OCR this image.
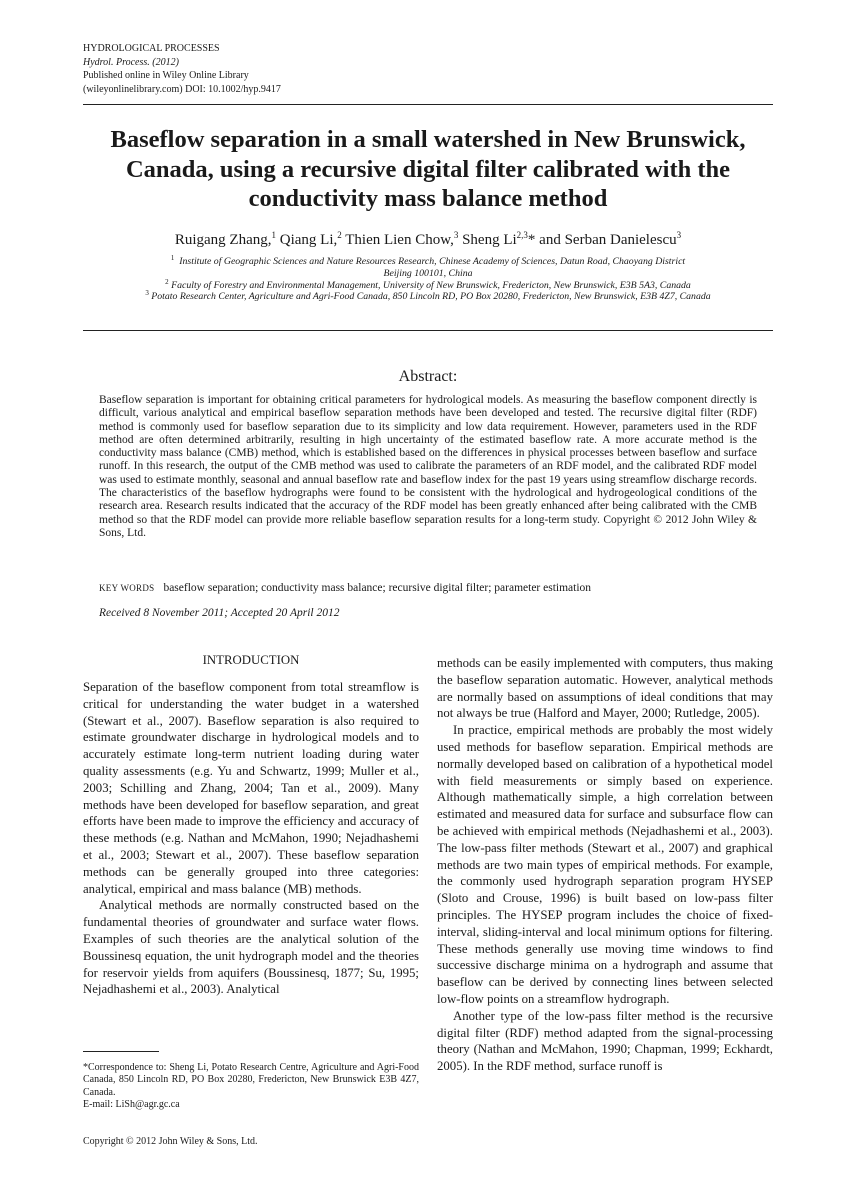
HYDROLOGICAL PROCESSES
Hydrol. Process. (2012)
Published online in Wiley Online Library
(wileyonlinelibrary.com) DOI: 10.1002/hyp.9417
Baseflow separation in a small watershed in New Brunswick,
Canada, using a recursive digital filter calibrated with the
conductivity mass balance method
Ruigang Zhang,$^1$ Qiang Li,$^2$ Thien Lien Chow,$^3$ Sheng Li$^{2,3}$* and Serban Danielescu$^3$
$^1$ Institute of Geographic Sciences and Nature Resources Research, Chinese Academy of Sciences, Datun Road, Chaoyang District
Beijing 100101, China
$^2$ Faculty of Forestry and Environmental Management, University of New Brunswick, Fredericton, New Brunswick, E3B 5A3, Canada
$^3$ Potato Research Center, Agriculture and Agri-Food Canada, 850 Lincoln RD, PO Box 20280, Fredericton, New Brunswick, E3B 4Z7, Canada
Abstract:
Baseflow separation is important for obtaining critical parameters for hydrological models. As measuring the baseflow component directly is difficult, various analytical and empirical baseflow separation methods have been developed and tested. The recursive digital filter (RDF) method is commonly used for baseflow separation due to its simplicity and low data requirement. However, parameters used in the RDF method are often determined arbitrarily, resulting in high uncertainty of the estimated baseflow rate. A more accurate method is the conductivity mass balance (CMB) method, which is established based on the differences in physical processes between baseflow and surface runoff. In this research, the output of the CMB method was used to calibrate the parameters of an RDF model, and the calibrated RDF model was used to estimate monthly, seasonal and annual baseflow rate and baseflow index for the past 19 years using streamflow discharge records. The characteristics of the baseflow hydrographs were found to be consistent with the hydrological and hydrogeological conditions of the research area. Research results indicated that the accuracy of the RDF model has been greatly enhanced after being calibrated with the CMB method so that the RDF model can provide more reliable baseflow separation results for a long-term study. Copyright © 2012 John Wiley & Sons, Ltd.
KEY WORDS baseflow separation; conductivity mass balance; recursive digital filter; parameter estimation
Received 8 November 2011; Accepted 20 April 2012
INTRODUCTION

Separation of the baseflow component from total streamflow is critical for understanding the water budget in a watershed (Stewart et al., 2007). Baseflow separation is also required to estimate groundwater discharge in hydrological models and to accurately estimate long-term nutrient loading during water quality assessments (e.g. Yu and Schwartz, 1999; Muller et al., 2003; Schilling and Zhang, 2004; Tan et al., 2009). Many methods have been developed for baseflow separation, and great efforts have been made to improve the efficiency and accuracy of these methods (e.g. Nathan and McMahon, 1990; Nejadhashemi et al., 2003; Stewart et al., 2007). These baseflow separation methods can be generally grouped into three categories: analytical, empirical and mass balance (MB) methods.

Analytical methods are normally constructed based on the fundamental theories of groundwater and surface water flows. Examples of such theories are the analytical solution of the Boussinesq equation, the unit hydrograph model and the theories for reservoir yields from aquifers (Boussinesq, 1877; Su, 1995; Nejadhashemi et al., 2003). Analytical

methods can be easily implemented with computers, thus making the baseflow separation automatic. However, analytical methods are normally based on assumptions of ideal conditions that may not always be true (Halford and Mayer, 2000; Rutledge, 2005).

In practice, empirical methods are probably the most widely used methods for baseflow separation. Empirical methods are normally developed based on calibration of a hypothetical model with field measurements or simply based on experience. Although mathematically simple, a high correlation between estimated and measured data for surface and subsurface flow can be achieved with empirical methods (Nejadhashemi et al., 2003). The low-pass filter methods (Stewart et al., 2007) and graphical methods are two main types of empirical methods. For example, the commonly used hydrograph separation program HYSEP (Sloto and Crouse, 1996) is built based on low-pass filter principles. The HYSEP program includes the choice of fixed-interval, sliding-interval and local minimum options for filtering. These methods generally use moving time windows to find successive discharge minima on a hydrograph and assume that baseflow can be derived by connecting lines between selected low-flow points on a streamflow hydrograph.

Another type of the low-pass filter method is the recursive digital filter (RDF) method adapted from the signal-processing theory (Nathan and McMahon, 1990; Chapman, 1999; Eckhardt, 2005). In the RDF method, surface runoff is

*Correspondence to: Sheng Li, Potato Research Centre, Agriculture and Agri-Food Canada, 850 Lincoln RD, PO Box 20280, Fredericton, New Brunswick E3B 4Z7, Canada.

E-mail: LiSh@agr.gc.ca

Copyright © 2012 John Wiley & Sons, Ltd.
